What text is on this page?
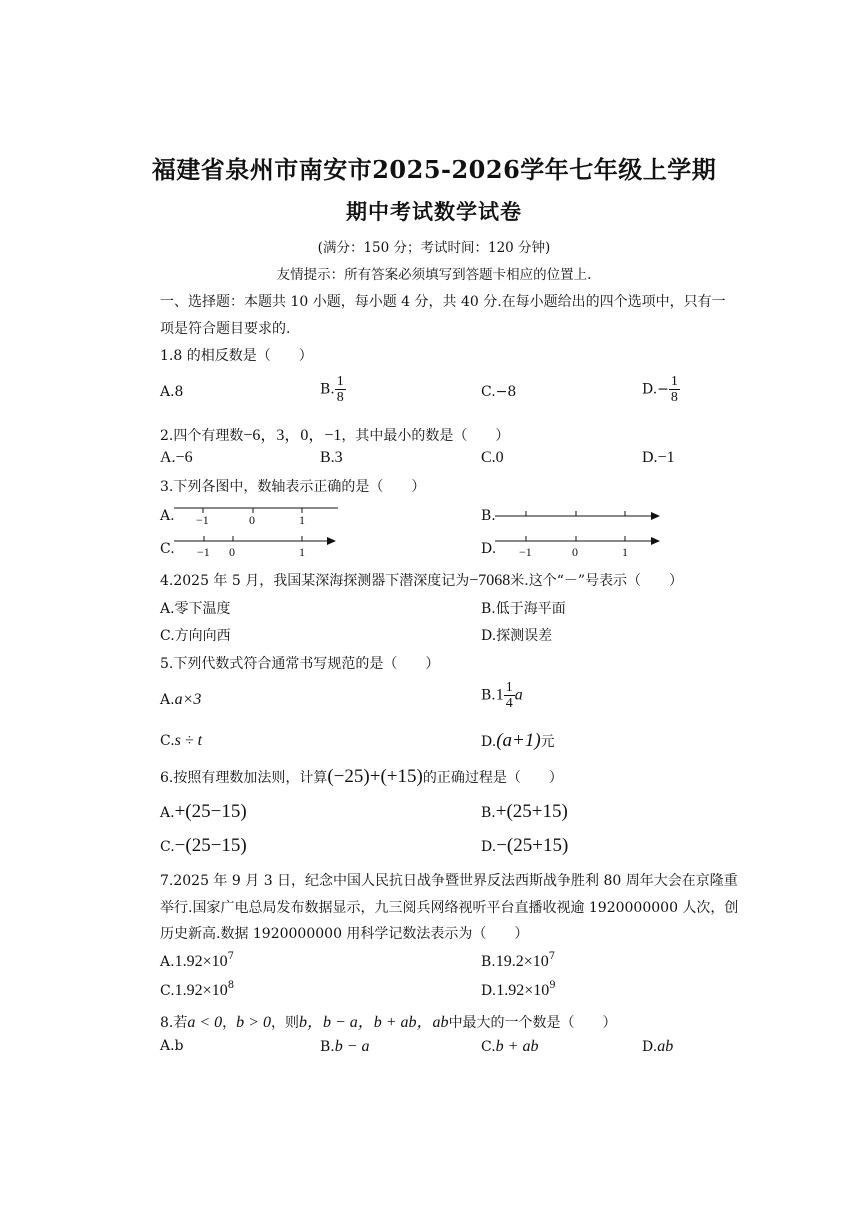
福建省泉州市南安市2025-2026学年七年级上学期
期中考试数学试卷
(满分：150 分；考试时间：120 分钟)
友情提示：所有答案必须填写到答题卡相应的位置上.
一、选择题：本题共 10 小题，每小题 4 分，共 40 分.在每小题给出的四个选项中，只有一
项是符合题目要求的.
1.8 的相反数是（　　）
A.8	B. $\frac{1}{8}$	C.−8	$D.- \frac{1}{8}$
2.四个有理数−6，3，0，−1，其中最小的数是（　　）
A.−6	B.3	C.0	D.−1
3.下列各图中，数轴表示正确的是（　　）
A. −1	0	1	B.
C. −1 0	1	D. −1	0	1
4.2025 年 5 月，我国某深海探测器下潜深度记为−7068米.这个“－”号表示（　　）
A.零下温度	B.低于海平面
C.方向向西	D.探测误差
5.下列代数式符合通常书写规范的是（　　）
A.a×3	$B.1 \frac{1}{4}$ a
C.s ÷ t	D.(a+1)元
6.按照有理数加法则，计算(−25)+(+15)的正确过程是（　　）
A.+(25−15)	B.+(25+15)
C.−(25−15)	D.−(25+15)
7.2025 年 9 月 3 日，纪念中国人民抗日战争暨世界反法西斯战争胜利 80 周年大会在京隆重
举行.国家广电总局发布数据显示，九三阅兵网络视听平台直播收视逾 1920000000 人次，创
历史新高.数据 1920000000 用科学记数法表示为（　　）
$A.1.92\times 10^7$	$B.19.2\times 10^7$
$C.1.92\times 10^8$	$D.1.92\times 10^9$
8.若a < 0，b > 0，则b，b − a，b + ab，ab中最大的一个数是（　　）
A.b	B.b − a	C.b + ab	D.ab
